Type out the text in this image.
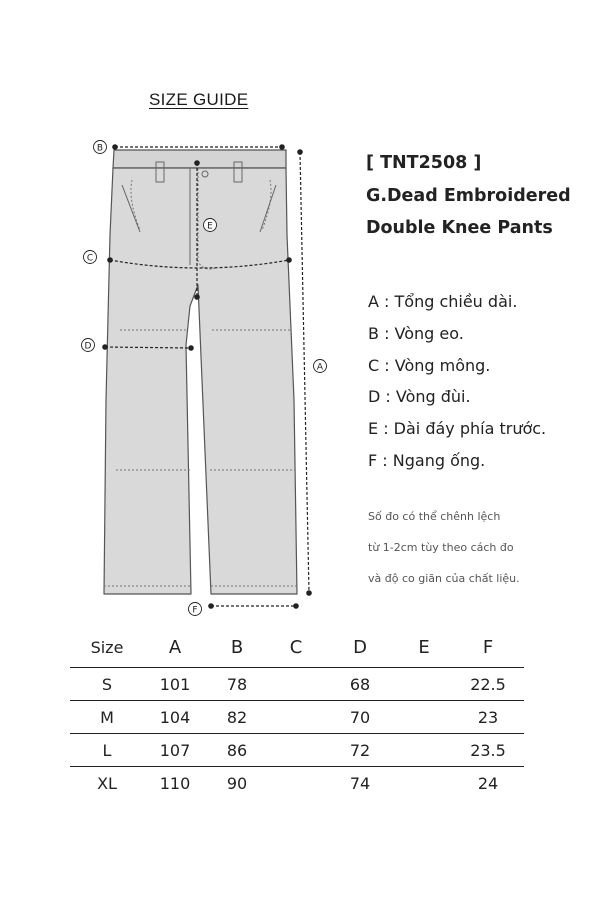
SIZE GUIDE
B
C
D
E
A
F
[ TNT2508 ]
G.Dead Embroidered
Double Knee Pants
A : Tổng chiều dài.
B : Vòng eo.
C : Vòng mông.
D : Vòng đùi.
E : Dài đáy phía trước.
F : Ngang ống.
Số đo có thể chênh lệch
từ 1-2cm tùy theo cách đo
và độ co giãn của chất liệu.
Size	A	B	C	D	E	F
S	101	78		68		22.5
M	104	82		70		23
L	107	86		72		23.5
XL	110	90		74		24
